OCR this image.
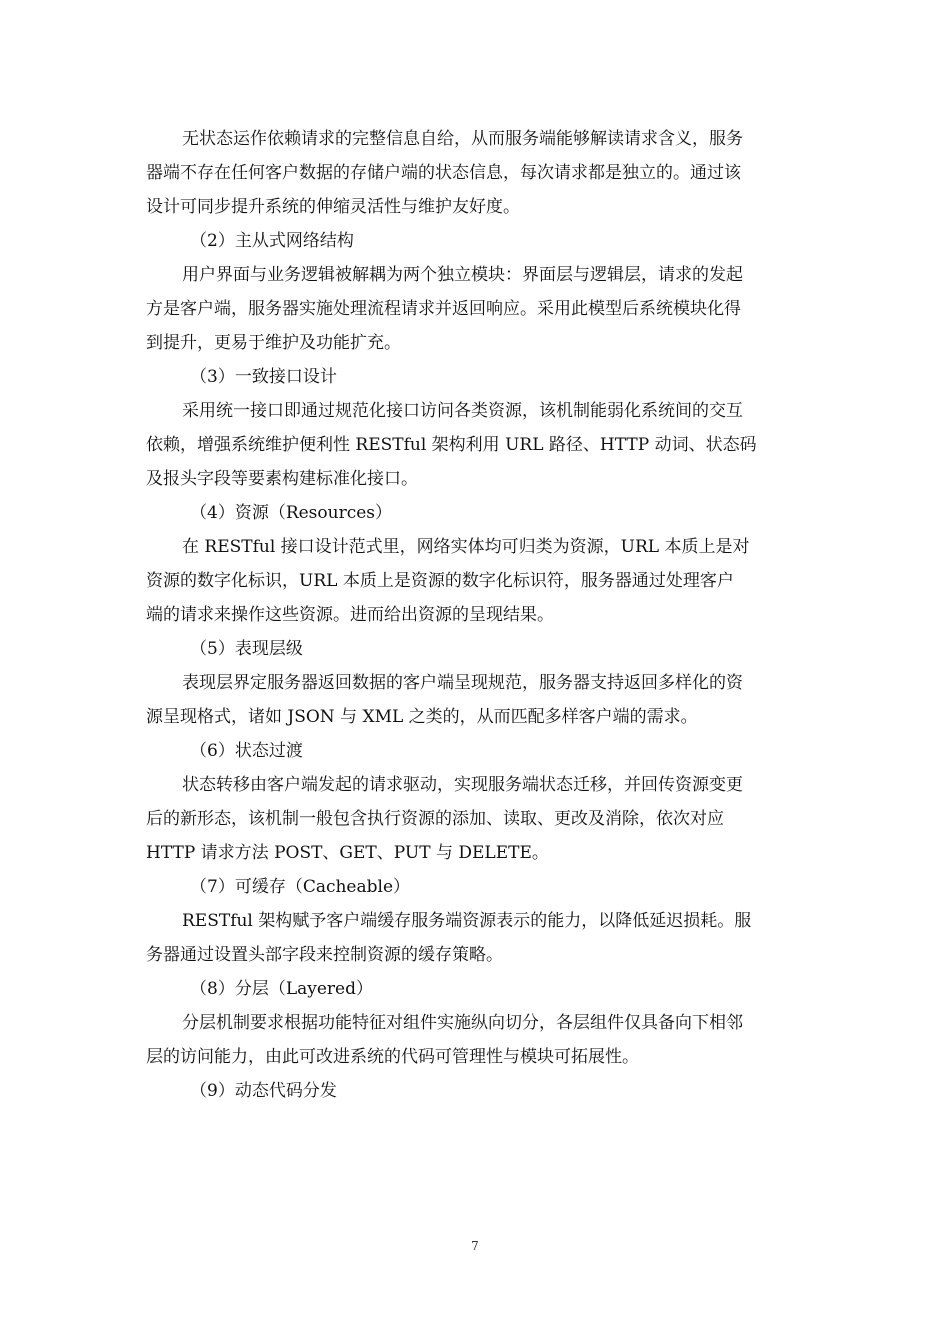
无状态运作依赖请求的完整信息自给，从而服务端能够解读请求含义，服务
器端不存在任何客户数据的存储户端的状态信息，每次请求都是独立的。通过该
设计可同步提升系统的伸缩灵活性与维护友好度。

（2）主从式网络结构

用户界面与业务逻辑被解耦为两个独立模块：界面层与逻辑层，请求的发起
方是客户端，服务器实施处理流程请求并返回响应。采用此模型后系统模块化得
到提升，更易于维护及功能扩充。

（3）一致接口设计

采用统一接口即通过规范化接口访问各类资源，该机制能弱化系统间的交互
依赖，增强系统维护便利性 RESTful 架构利用 URL 路径、HTTP 动词、状态码
及报头字段等要素构建标准化接口。

（4）资源（Resources）

在 RESTful 接口设计范式里，网络实体均可归类为资源，URL 本质上是对
资源的数字化标识，URL 本质上是资源的数字化标识符，服务器通过处理客户
端的请求来操作这些资源。进而给出资源的呈现结果。

（5）表现层级

表现层界定服务器返回数据的客户端呈现规范，服务器支持返回多样化的资
源呈现格式，诸如 JSON 与 XML 之类的，从而匹配多样客户端的需求。

（6）状态过渡

状态转移由客户端发起的请求驱动，实现服务端状态迁移，并回传资源变更
后的新形态，该机制一般包含执行资源的添加、读取、更改及消除，依次对应
HTTP 请求方法 POST、GET、PUT 与 DELETE。

（7）可缓存（Cacheable）

RESTful 架构赋予客户端缓存服务端资源表示的能力，以降低延迟损耗。服
务器通过设置头部字段来控制资源的缓存策略。

（8）分层（Layered）

分层机制要求根据功能特征对组件实施纵向切分，各层组件仅具备向下相邻
层的访问能力，由此可改进系统的代码可管理性与模块可拓展性。

（9）动态代码分发

7
